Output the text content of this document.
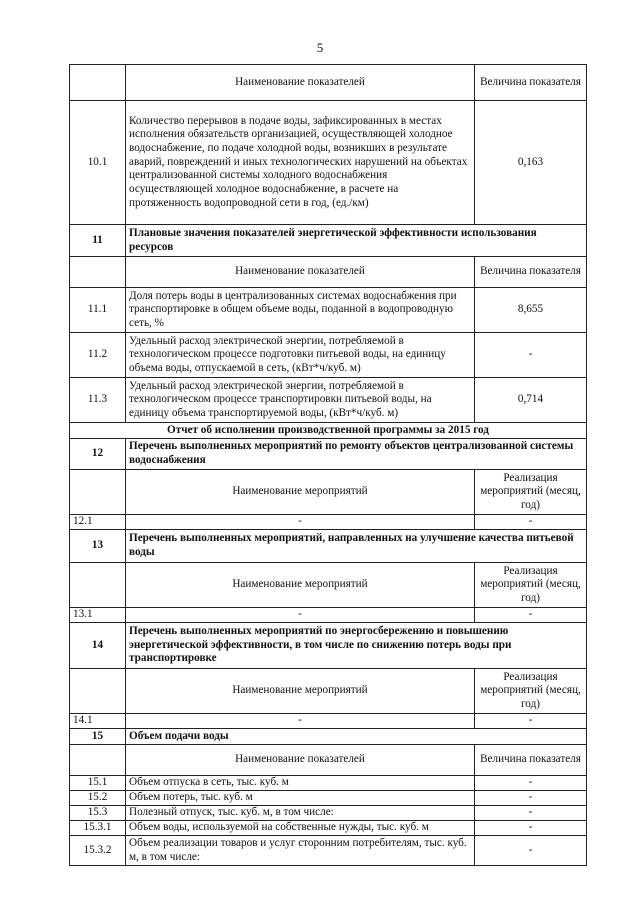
5
	Наименование показателей	Величина показателя
10.1	Количество перерывов в подаче воды, зафиксированных в местах исполнения обязательств организацией, осуществляющей холодное водоснабжение, по подаче холодной воды, возникших в результате аварий, повреждений и иных технологических нарушений на объектах централизованной системы холодного водоснабжения осуществляющей холодное водоснабжение, в расчете на протяженность водопроводной сети в год, (ед./км)	0,163
11	Плановые значения показателей энергетической эффективности использования ресурсов	
	Наименование показателей	Величина показателя
11.1	Доля потерь воды в централизованных системах водоснабжения при транспортировке в общем объеме воды, поданной в водопроводную сеть, %	8,655
11.2	Удельный расход электрической энергии, потребляемой в технологическом процессе подготовки питьевой воды, на единицу объема воды, отпускаемой в сеть, (кВт*ч/куб. м)	-
11.3	Удельный расход электрической энергии, потребляемой в технологическом процессе транспортировки питьевой воды, на единицу объема транспортируемой воды, (кВт*ч/куб. м)	0,714
Отчет об исполнении производственной программы за 2015 год		
12	Перечень выполненных мероприятий по ремонту объектов централизованной системы водоснабжения	
	Наименование мероприятий	Реализация мероприятий (месяц, год)
12.1	-	-
13	Перечень выполненных мероприятий, направленных на улучшение качества питьевой воды	
	Наименование мероприятий	Реализация мероприятий (месяц, год)
13.1	-	-
14	Перечень выполненных мероприятий по энергосбережению и повышению энергетической эффективности, в том числе по снижению потерь воды при транспортировке	
	Наименование мероприятий	Реализация мероприятий (месяц, год)
14.1	-	-
15	Объем подачи воды	
	Наименование показателей	Величина показателя
15.1	Объем отпуска в сеть, тыс. куб. м	-
15.2	Объем потерь, тыс. куб. м	-
15.3	Полезный отпуск, тыс. куб. м, в том числе:	-
15.3.1	Объем воды, используемой на собственные нужды, тыс. куб. м	-
15.3.2	Объем реализации товаров и услуг сторонним потребителям, тыс. куб. м, в том числе:	-
